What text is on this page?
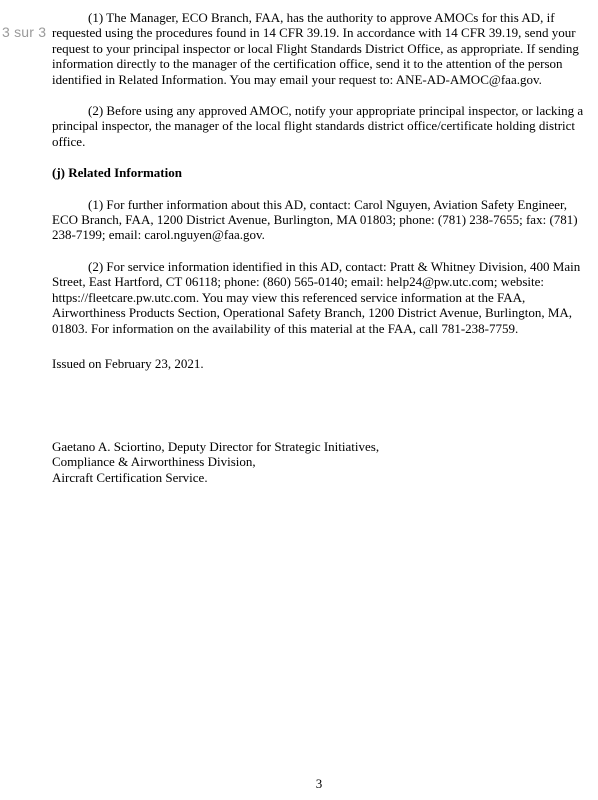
3 sur 3

(1) The Manager, ECO Branch, FAA, has the authority to approve AMOCs for this AD, if requested using the procedures found in 14 CFR 39.19. In accordance with 14 CFR 39.19, send your request to your principal inspector or local Flight Standards District Office, as appropriate. If sending information directly to the manager of the certification office, send it to the attention of the person identified in Related Information. You may email your request to: ANE-AD-AMOC@faa.gov.

(2) Before using any approved AMOC, notify your appropriate principal inspector, or lacking a principal inspector, the manager of the local flight standards district office/certificate holding district office.

(j) Related Information

(1) For further information about this AD, contact: Carol Nguyen, Aviation Safety Engineer, ECO Branch, FAA, 1200 District Avenue, Burlington, MA 01803; phone: (781) 238-7655; fax: (781) 238-7199; email: carol.nguyen@faa.gov.

(2) For service information identified in this AD, contact: Pratt & Whitney Division, 400 Main Street, East Hartford, CT 06118; phone: (860) 565-0140; email: help24@pw.utc.com; website: https://fleetcare.pw.utc.com. You may view this referenced service information at the FAA, Airworthiness Products Section, Operational Safety Branch, 1200 District Avenue, Burlington, MA, 01803. For information on the availability of this material at the FAA, call 781-238-7759.

Issued on February 23, 2021.

Gaetano A. Sciortino, Deputy Director for Strategic Initiatives,
Compliance & Airworthiness Division,
Aircraft Certification Service.
3
